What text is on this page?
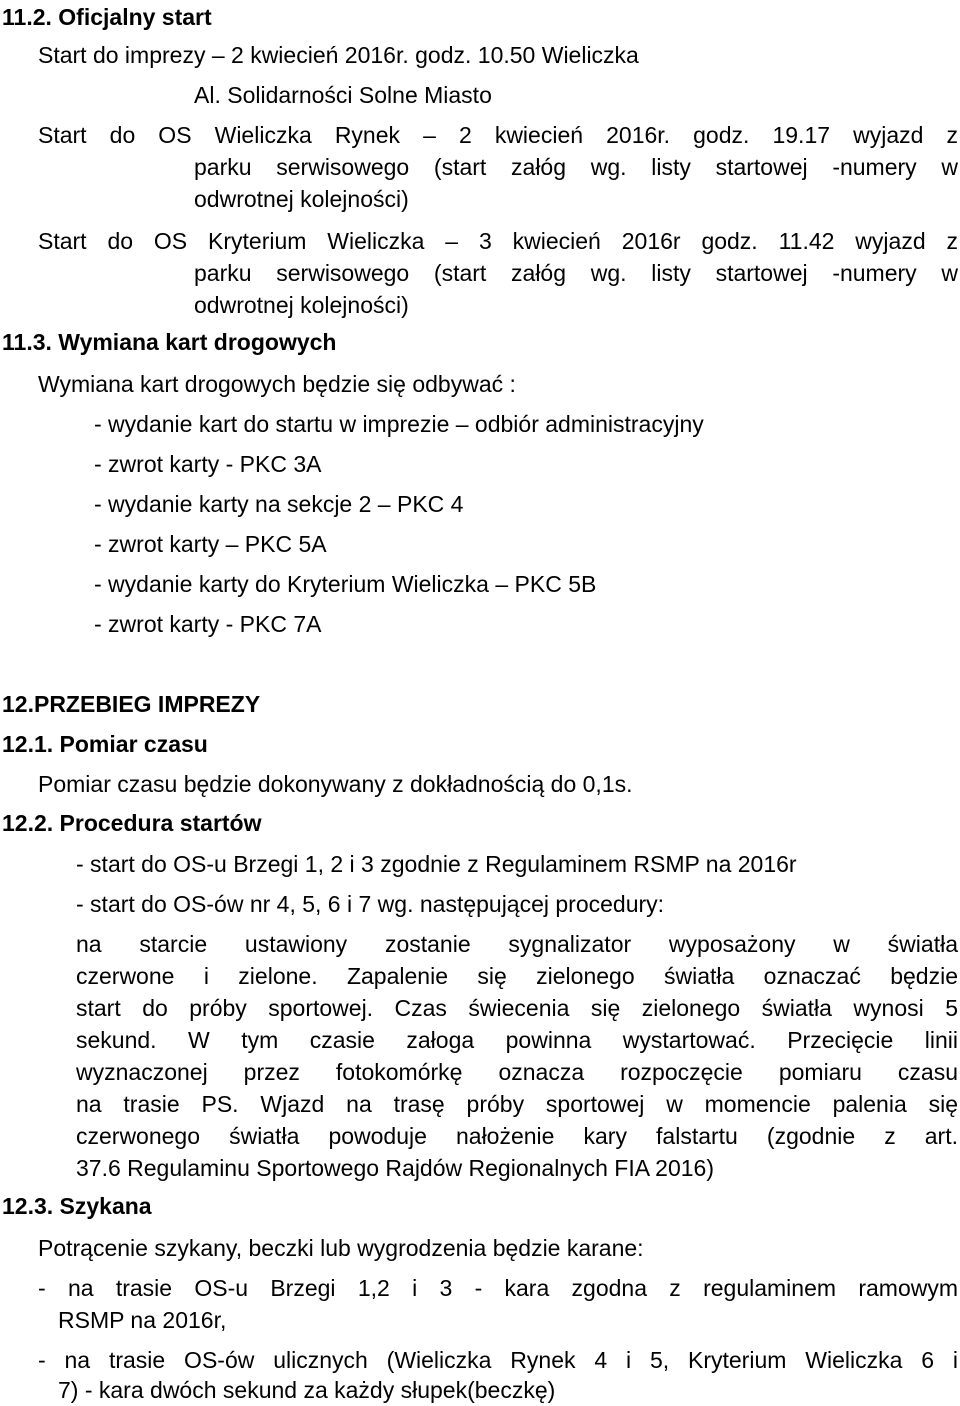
11.2. Oficjalny start
Start do imprezy – 2 kwiecień 2016r. godz. 10.50 Wieliczka
Al. Solidarności Solne Miasto
Start do OS Wieliczka Rynek – 2 kwiecień 2016r. godz. 19.17 wyjazd z
parku serwisowego (start załóg wg. listy startowej -numery w
odwrotnej kolejności)
Start do OS Kryterium Wieliczka – 3 kwiecień 2016r godz. 11.42 wyjazd z
parku serwisowego (start załóg wg. listy startowej -numery w
odwrotnej kolejności)
11.3. Wymiana kart drogowych
Wymiana kart drogowych będzie się odbywać :
- wydanie kart do startu w imprezie – odbiór administracyjny
- zwrot karty - PKC 3A
- wydanie karty na sekcje 2 – PKC 4
- zwrot karty – PKC 5A
- wydanie karty do Kryterium Wieliczka – PKC 5B
- zwrot karty - PKC 7A
12.PRZEBIEG IMPREZY
12.1. Pomiar czasu
Pomiar czasu będzie dokonywany z dokładnością do 0,1s.
12.2. Procedura startów
- start do OS-u Brzegi 1, 2 i 3 zgodnie z Regulaminem RSMP na 2016r
- start do OS-ów nr 4, 5, 6 i 7 wg. następującej procedury:
na starcie ustawiony zostanie sygnalizator wyposażony w światła
czerwone i zielone. Zapalenie się zielonego światła oznaczać będzie
start do próby sportowej. Czas świecenia się zielonego światła wynosi 5
sekund. W tym czasie załoga powinna wystartować. Przecięcie linii
wyznaczonej przez fotokomórkę oznacza rozpoczęcie pomiaru czasu
na trasie PS. Wjazd na trasę próby sportowej w momencie palenia się
czerwonego światła powoduje nałożenie kary falstartu (zgodnie z art.
37.6 Regulaminu Sportowego Rajdów Regionalnych FIA 2016)
12.3. Szykana
Potrącenie szykany, beczki lub wygrodzenia będzie karane:
- na trasie OS-u Brzegi 1,2 i 3 - kara zgodna z regulaminem ramowym
RSMP na 2016r,
- na trasie OS-ów ulicznych (Wieliczka Rynek 4 i 5, Kryterium Wieliczka 6 i
7) - kara dwóch sekund za każdy słupek(beczkę)
